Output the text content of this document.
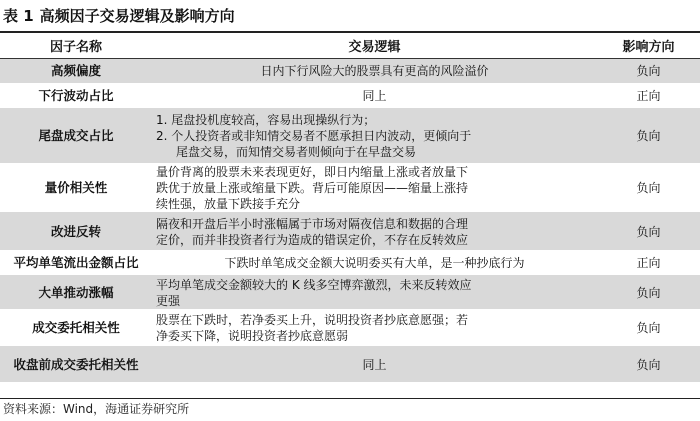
表 1 高频因子交易逻辑及影响方向
因子名称	交易逻辑	影响方向
高频偏度	日内下行风险大的股票具有更高的风险溢价	负向
下行波动占比	同上	正向
尾盘成交占比	1. 尾盘投机度较高，容易出现操纵行为；

2. 个人投资者或非知情交易者不愿承担日内波动，更倾向于

尾盘交易，而知情交易者则倾向于在早盘交易	负向
量价相关性	量价背离的股票未来表现更好，即日内缩量上涨或者放量下

跌优于放量上涨或缩量下跌。背后可能原因——缩量上涨持

续性强，放量下跌接手充分	负向
改进反转	隔夜和开盘后半小时涨幅属于市场对隔夜信息和数据的合理

定价，而并非投资者行为造成的错误定价，不存在反转效应	负向
平均单笔流出金额占比	下跌时单笔成交金额大说明委买有大单，是一种抄底行为	正向
大单推动涨幅	平均单笔成交金额较大的 K 线多空博弈激烈，未来反转效应

更强	负向
成交委托相关性	股票在下跌时，若净委买上升，说明投资者抄底意愿强；若

净委买下降，说明投资者抄底意愿弱	负向
收盘前成交委托相关性	同上	负向
资料来源：Wind，海通证券研究所
